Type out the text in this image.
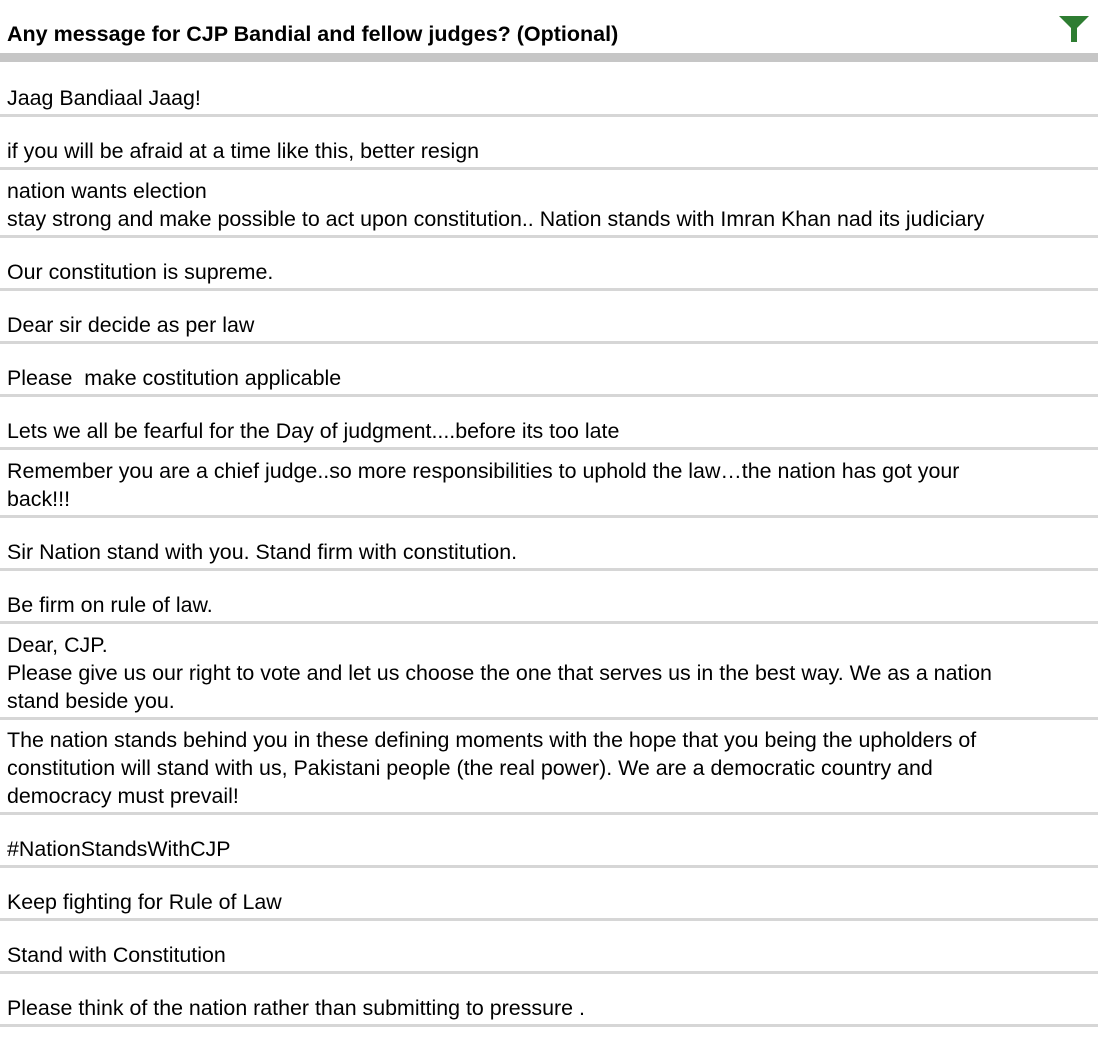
Any message for CJP Bandial and fellow judges? (Optional)
Jaag Bandiaal Jaag!
if you will be afraid at a time like this, better resign
nation wants election
stay strong and make possible to act upon constitution.. Nation stands with Imran Khan nad its judiciary
Our constitution is supreme.
Dear sir decide as per law
Please  make costitution applicable
Lets we all be fearful for the Day of judgment....before its too late
Remember you are a chief judge..so more responsibilities to uphold the law…the nation has got your
back!!!
Sir Nation stand with you. Stand firm with constitution.
Be firm on rule of law.
Dear, CJP.
Please give us our right to vote and let us choose the one that serves us in the best way. We as a nation
stand beside you.
The nation stands behind you in these defining moments with the hope that you being the upholders of
constitution will stand with us, Pakistani people (the real power). We are a democratic country and
democracy must prevail!
#NationStandsWithCJP
Keep fighting for Rule of Law
Stand with Constitution
Please think of the nation rather than submitting to pressure .
